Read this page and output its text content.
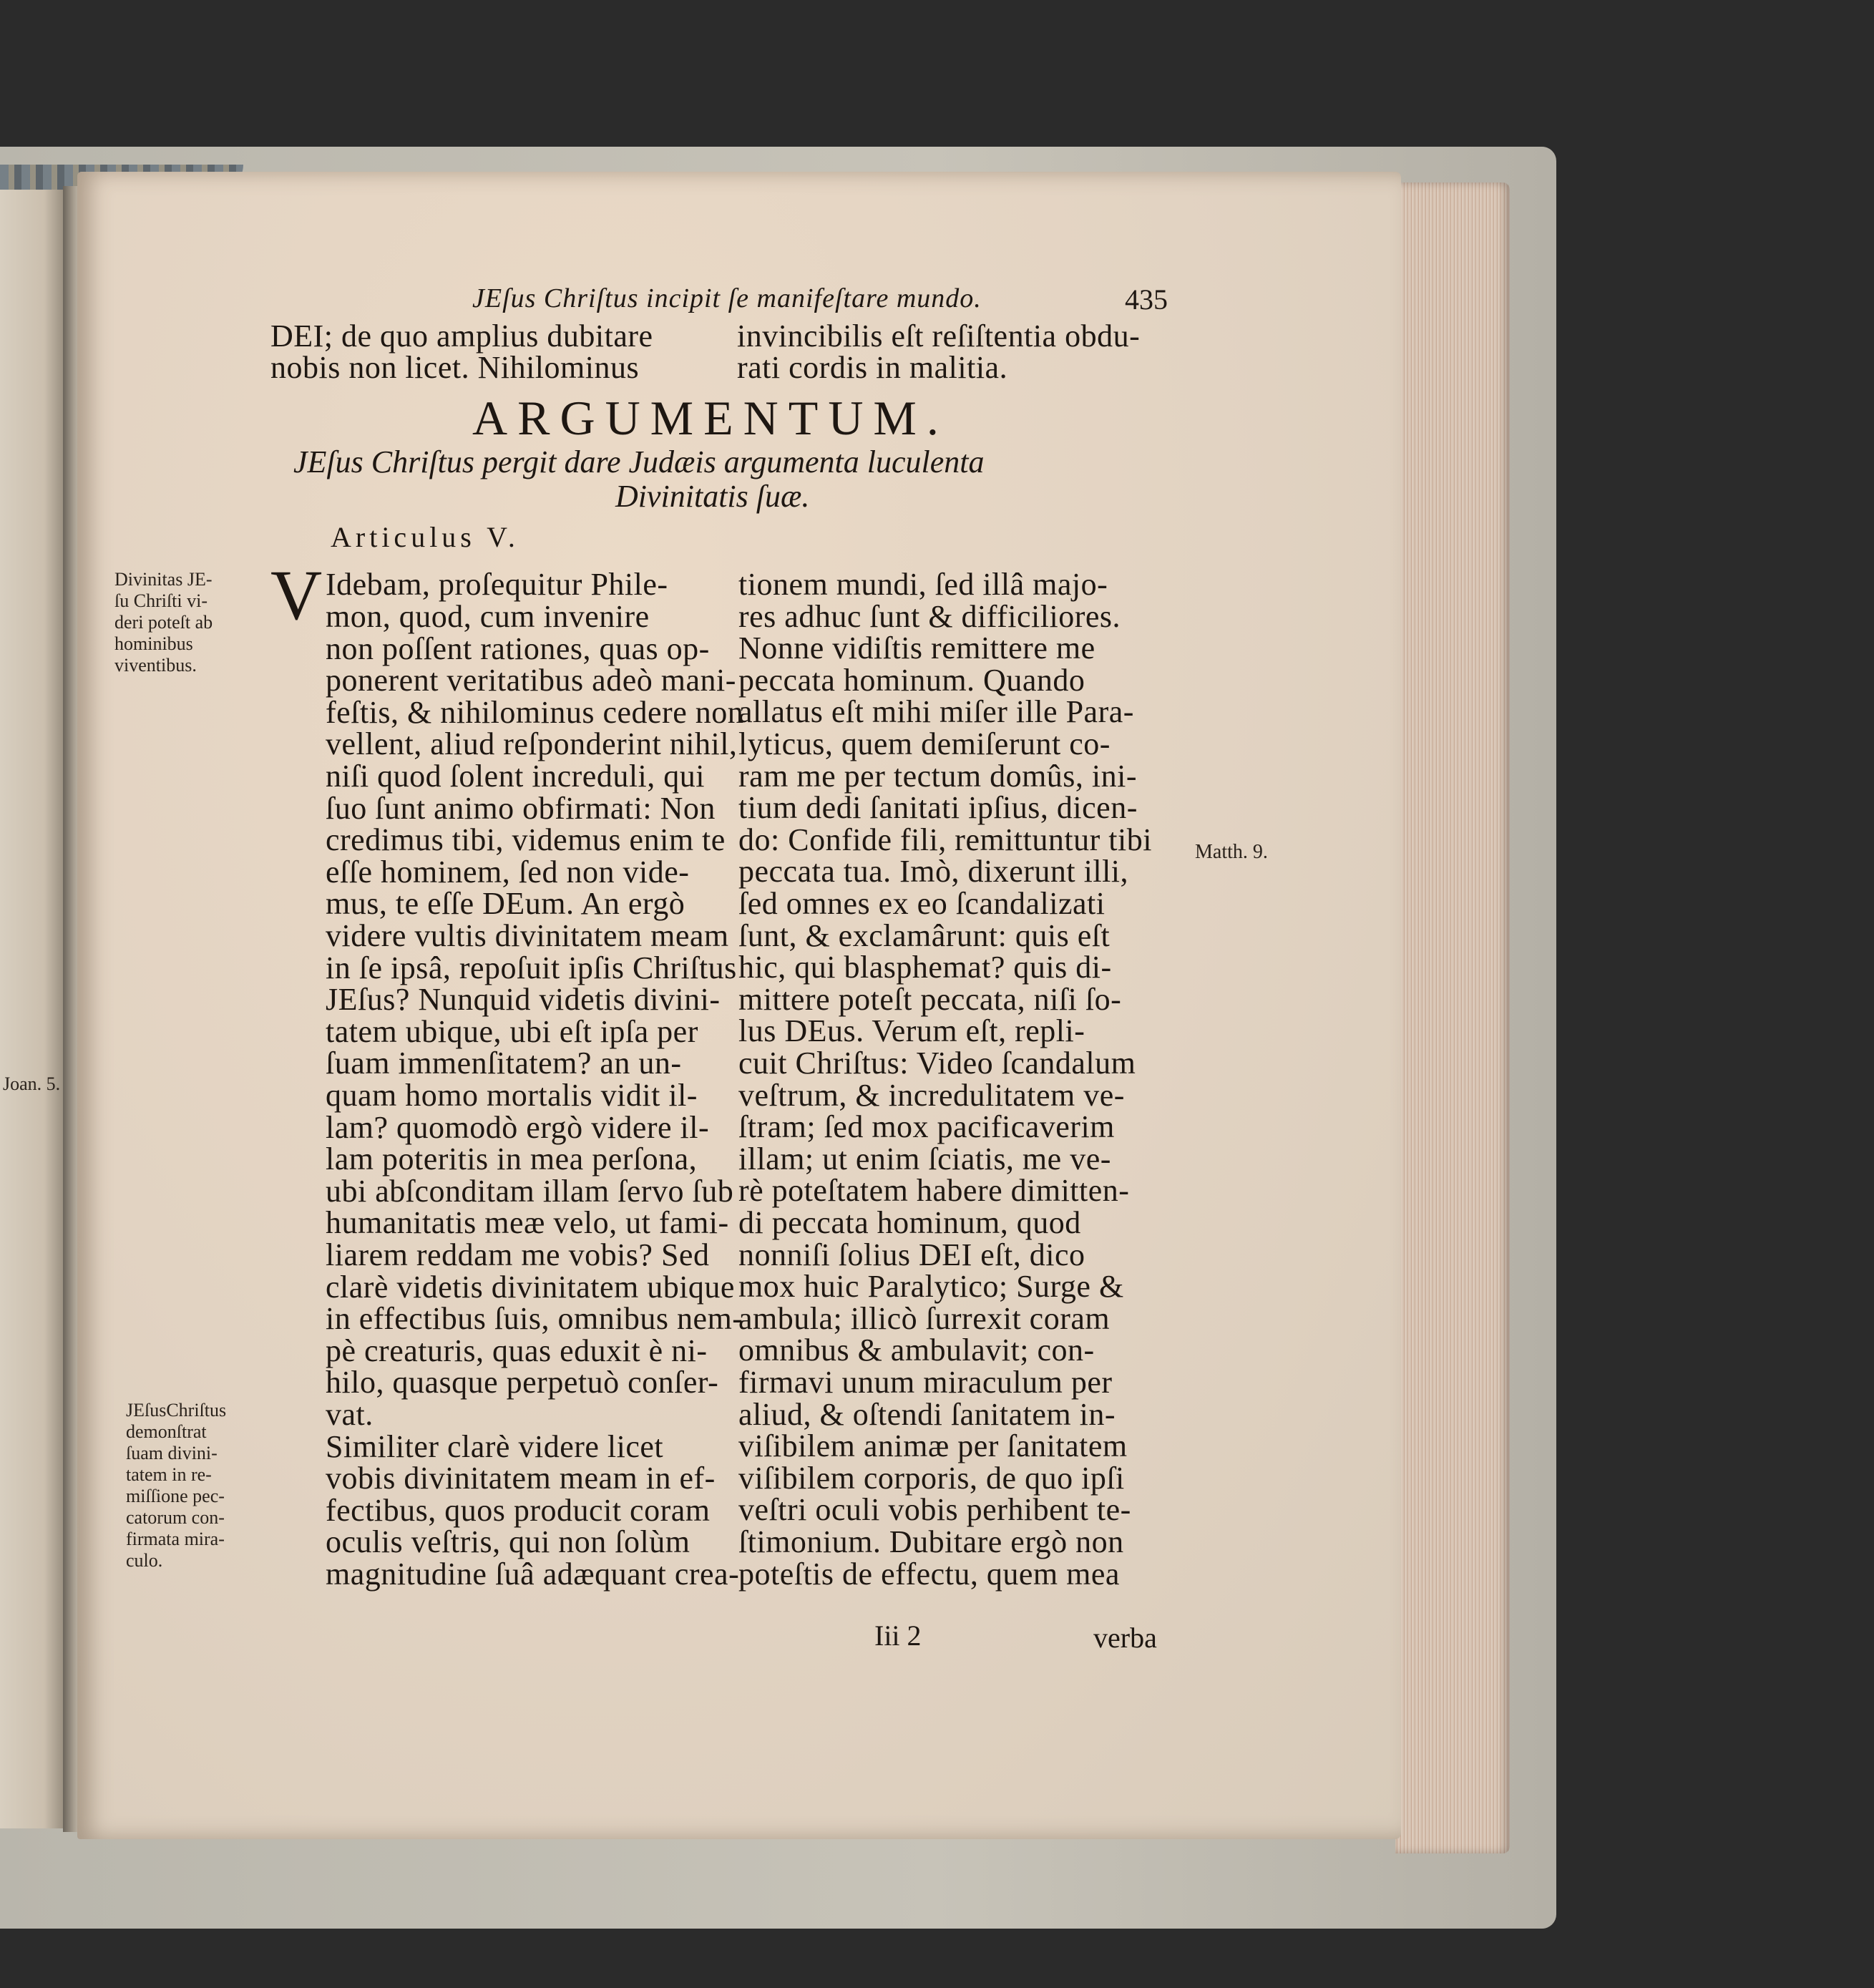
Joan. 5.
JEſus Chriſtus incipit ſe manifeſtare mundo.	435
DEI; de quo amplius dubitare
nobis non licet. Nihilominus
invincibilis eſt reſiſtentia obdu-
rati cordis in malitia.
ARGUMENTUM.
JEſus Chriſtus pergit dare Judæis argumenta luculenta
Divinitatis ſuæ.
Articulus V.
V Idebam, proſequitur Phile-
mon, quod, cum invenire
non poſſent rationes, quas op-
ponerent veritatibus adeò mani-
feſtis, & nihilominus cedere non
vellent, aliud reſponderint nihil,
niſi quod ſolent increduli, qui
ſuo ſunt animo obfirmati: Non
credimus tibi, videmus enim te
eſſe hominem, ſed non vide-
mus, te eſſe DEum. An ergò
videre vultis divinitatem meam
in ſe ipsâ, repoſuit ipſis Chriſtus
JEſus? Nunquid videtis divini-
tatem ubique, ubi eſt ipſa per
ſuam immenſitatem? an un-
quam homo mortalis vidit il-
lam? quomodò ergò videre il-
lam poteritis in mea perſona,
ubi abſconditam illam ſervo ſub
humanitatis meæ velo, ut fami-
liarem reddam me vobis? Sed
clarè videtis divinitatem ubique
in effectibus ſuis, omnibus nem-
pè creaturis, quas eduxit è ni-
hilo, quasque perpetuò conſer-
vat.
Similiter clarè videre licet
vobis divinitatem meam in ef-
fectibus, quos producit coram
oculis veſtris, qui non ſolùm
magnitudine ſuâ adæquant crea-
tionem mundi, ſed illâ majo-
res adhuc ſunt & difficiliores.
Nonne vidiſtis remittere me
peccata hominum. Quando
allatus eſt mihi miſer ille Para-
lyticus, quem demiſerunt co-
ram me per tectum domûs, ini-
tium dedi ſanitati ipſius, dicen-
do: Confide fili, remittuntur tibi
peccata tua. Imò, dixerunt illi,
ſed omnes ex eo ſcandalizati
ſunt, & exclamârunt: quis eſt
hic, qui blasphemat? quis di-
mittere poteſt peccata, niſi ſo-
lus DEus. Verum eſt, repli-
cuit Chriſtus: Video ſcandalum
veſtrum, & incredulitatem ve-
ſtram; ſed mox pacificaverim
illam; ut enim ſciatis, me ve-
rè poteſtatem habere dimitten-
di peccata hominum, quod
nonniſi ſolius DEI eſt, dico
mox huic Paralytico; Surge &
ambula; illicò ſurrexit coram
omnibus & ambulavit; con-
firmavi unum miraculum per
aliud, & oſtendi ſanitatem in-
viſibilem animæ per ſanitatem
viſibilem corporis, de quo ipſi
veſtri oculi vobis perhibent te-
ſtimonium. Dubitare ergò non
poteſtis de effectu, quem mea
Divinitas JE-
ſu Chriſti vi-
deri poteſt ab
hominibus
viventibus.
JEſusChriſtus
demonſtrat
ſuam divini-
tatem in re-
miſſione pec-
catorum con-
firmata mira-
culo.
Matth. 9.
Iii 2	verba
